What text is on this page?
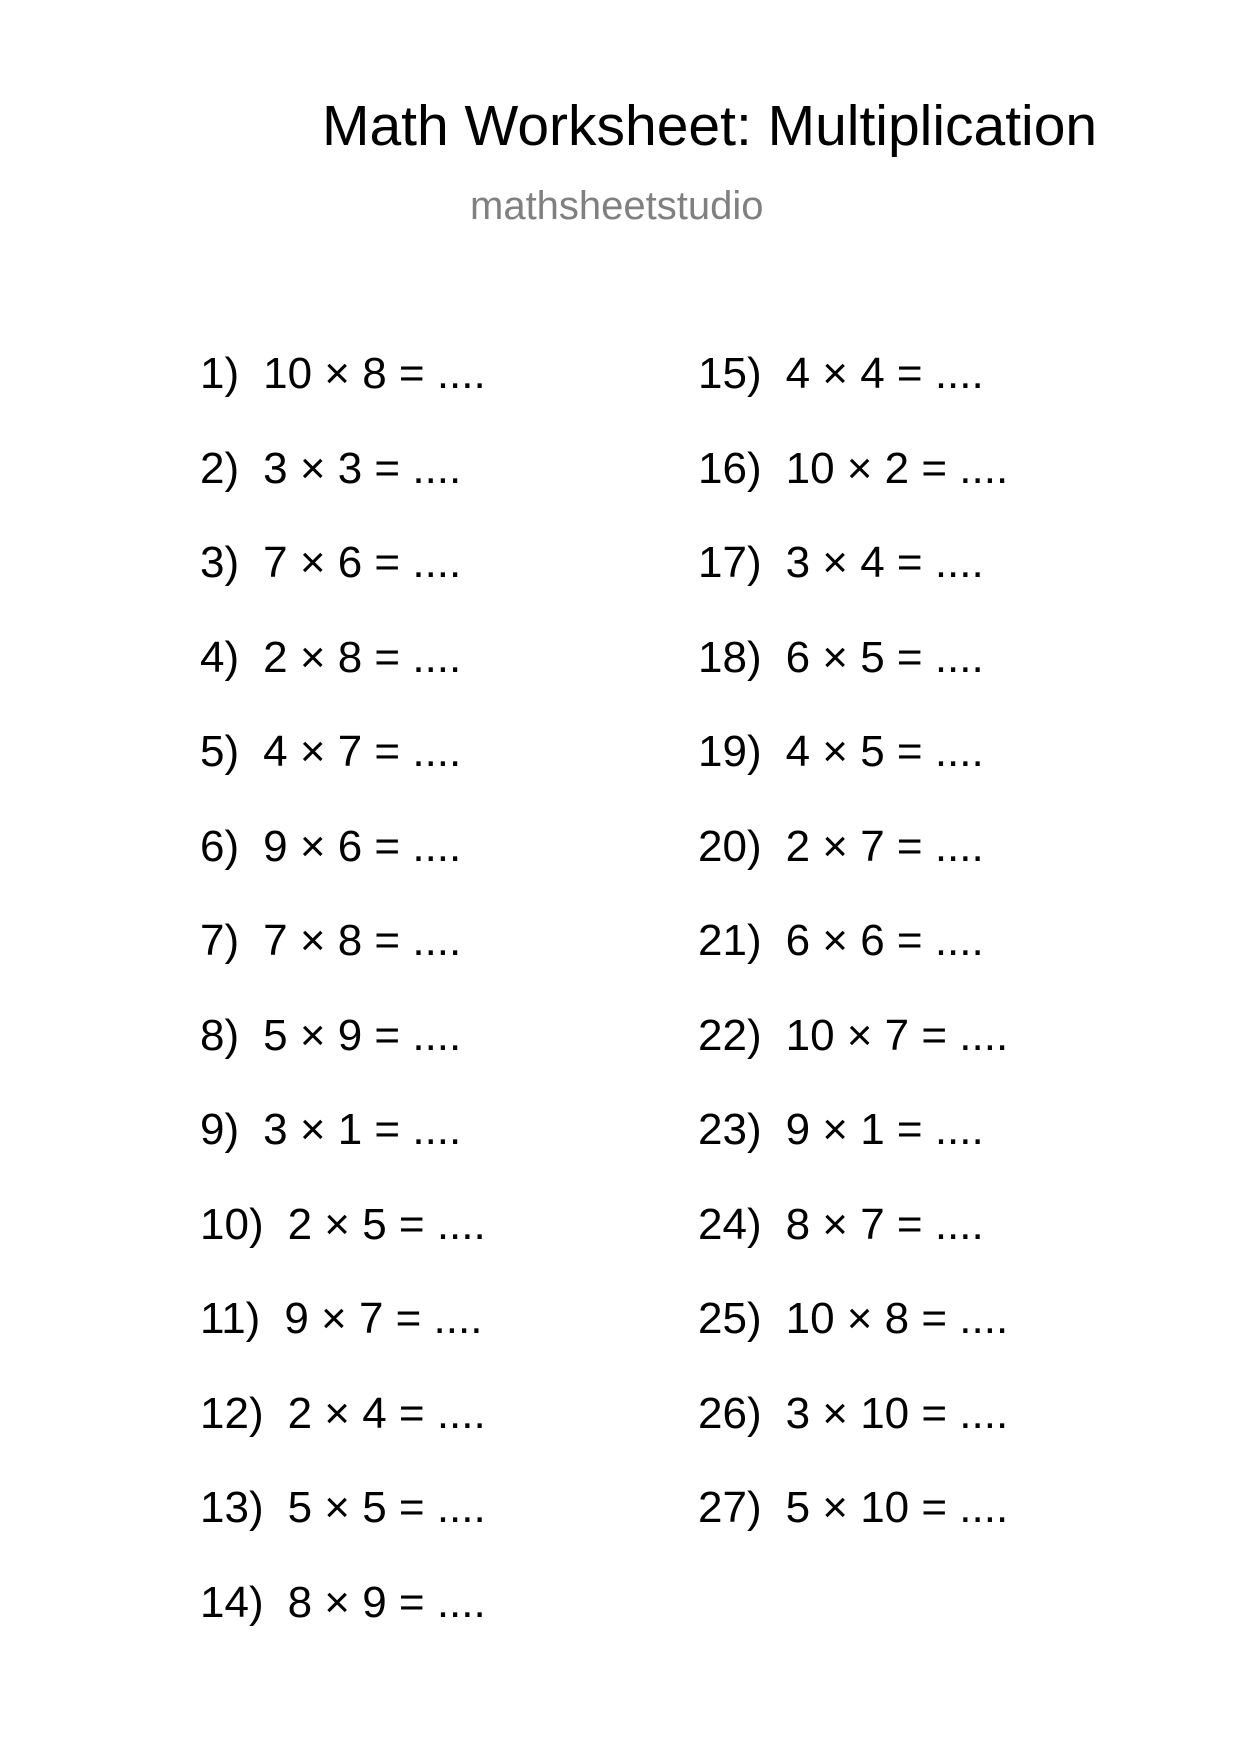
Math Worksheet: Multiplication
mathsheetstudio
1) 10 × 8 = ....
2) 3 × 3 = ....
3) 7 × 6 = ....
4) 2 × 8 = ....
5) 4 × 7 = ....
6) 9 × 6 = ....
7) 7 × 8 = ....
8) 5 × 9 = ....
9) 3 × 1 = ....
10) 2 × 5 = ....
11) 9 × 7 = ....
12) 2 × 4 = ....
13) 5 × 5 = ....
14) 8 × 9 = ....
15) 4 × 4 = ....
16) 10 × 2 = ....
17) 3 × 4 = ....
18) 6 × 5 = ....
19) 4 × 5 = ....
20) 2 × 7 = ....
21) 6 × 6 = ....
22) 10 × 7 = ....
23) 9 × 1 = ....
24) 8 × 7 = ....
25) 10 × 8 = ....
26) 3 × 10 = ....
27) 5 × 10 = ....
